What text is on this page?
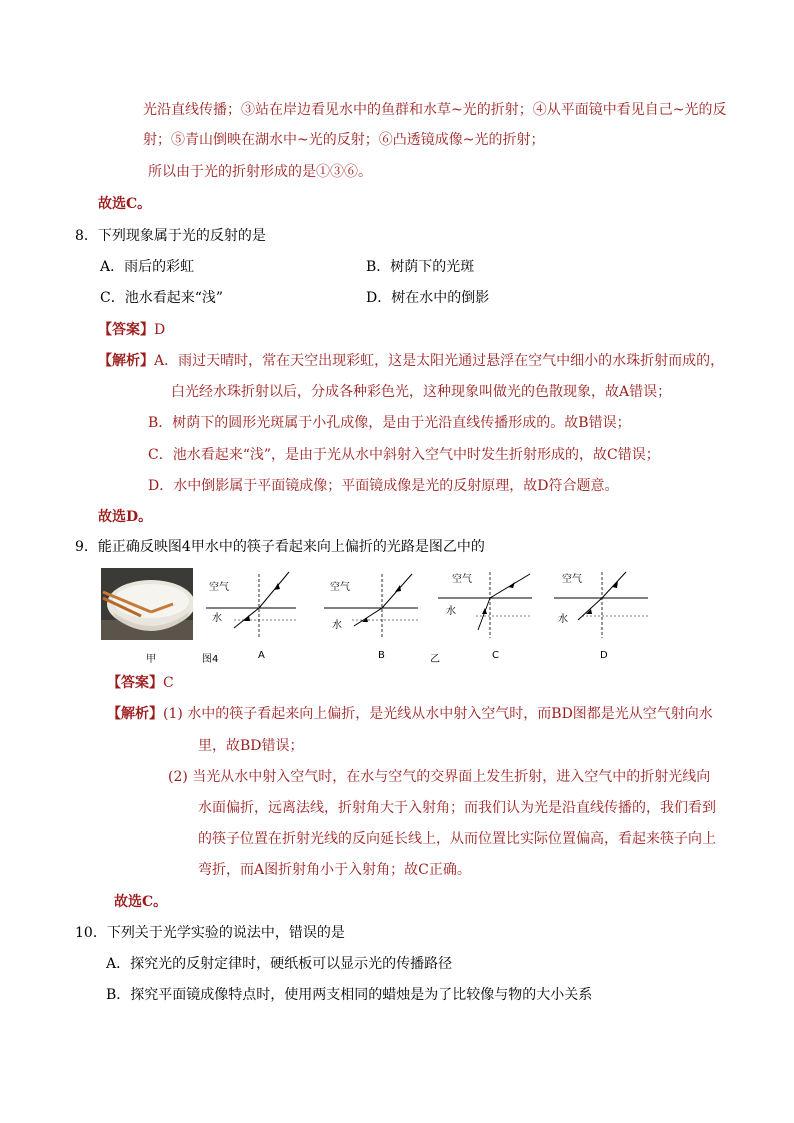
光沿直线传播；③站在岸边看见水中的鱼群和水草~光的折射；④从平面镜中看见自己~光的反
射；⑤青山倒映在湖水中~光的反射；⑥凸透镜成像~光的折射；
所以由于光的折射形成的是①③⑥。
故选C。
8．下列现象属于光的反射的是
A．雨后的彩虹	B．树荫下的光斑
C．池水看起来“浅”	D．树在水中的倒影
【答案】D
【解析】A．雨过天晴时，常在天空出现彩虹，这是太阳光通过悬浮在空气中细小的水珠折射而成的，
白光经水珠折射以后，分成各种彩色光，这种现象叫做光的色散现象，故A错误；
B．树荫下的圆形光斑属于小孔成像，是由于光沿直线传播形成的。故B错误；
C．池水看起来“浅”，是由于光从水中斜射入空气中时发生折射形成的，故C错误；
D．水中倒影属于平面镜成像；平面镜成像是光的反射原理，故D符合题意。
故选D。
9．能正确反映图4甲水中的筷子看起来向上偏折的光路是图乙中的
空气
水
空气
水
空气
水
空气
水
甲	图4	A	B	乙	C	D
【答案】C
【解析】(1) 水中的筷子看起来向上偏折，是光线从水中射入空气时，而BD图都是光从空气射向水
里，故BD错误；
(2) 当光从水中射入空气时，在水与空气的交界面上发生折射，进入空气中的折射光线向
水面偏折，远离法线，折射角大于入射角；而我们认为光是沿直线传播的，我们看到
的筷子位置在折射光线的反向延长线上，从而位置比实际位置偏高，看起来筷子向上
弯折，而A图折射角小于入射角；故C正确。
故选C。
10．下列关于光学实验的说法中，错误的是
A．探究光的反射定律时，硬纸板可以显示光的传播路径
B．探究平面镜成像特点时，使用两支相同的蜡烛是为了比较像与物的大小关系
